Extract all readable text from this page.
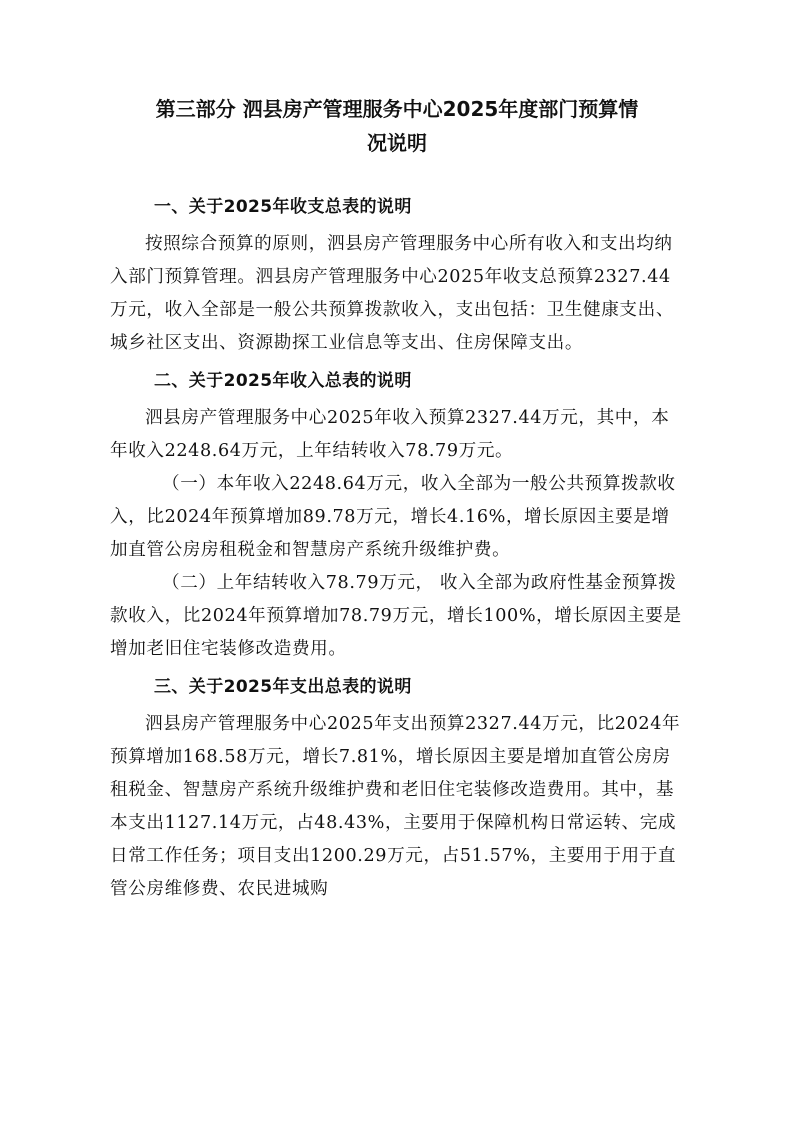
第三部分 泗县房产管理服务中心2025年度部门预算情
况说明
一、关于2025年收支总表的说明

按照综合预算的原则，泗县房产管理服务中心所有收入和支出均纳入部门预算管理。泗县房产管理服务中心2025年收支总预算2327.44万元，收入全部是一般公共预算拨款收入，支出包括：卫生健康支出、城乡社区支出、资源勘探工业信息等支出、住房保障支出。

二、关于2025年收入总表的说明

泗县房产管理服务中心2025年收入预算2327.44万元，其中，本年收入2248.64万元，上年结转收入78.79万元。

（一）本年收入2248.64万元，收入全部为一般公共预算拨款收入，比2024年预算增加89.78万元，增长4.16%，增长原因主要是增加直管公房房租税金和智慧房产系统升级维护费。

（二）上年结转收入78.79万元， 收入全部为政府性基金预算拨款收入，比2024年预算增加78.79万元，增长100%，增长原因主要是增加老旧住宅装修改造费用。

三、关于2025年支出总表的说明

泗县房产管理服务中心2025年支出预算2327.44万元，比2024年预算增加168.58万元，增长7.81%，增长原因主要是增加直管公房房租税金、智慧房产系统升级维护费和老旧住宅装修改造费用。其中，基本支出1127.14万元，占48.43%，主要用于保障机构日常运转、完成日常工作任务；项目支出1200.29万元，占51.57%，主要用于用于直管公房维修费、农民进城购
